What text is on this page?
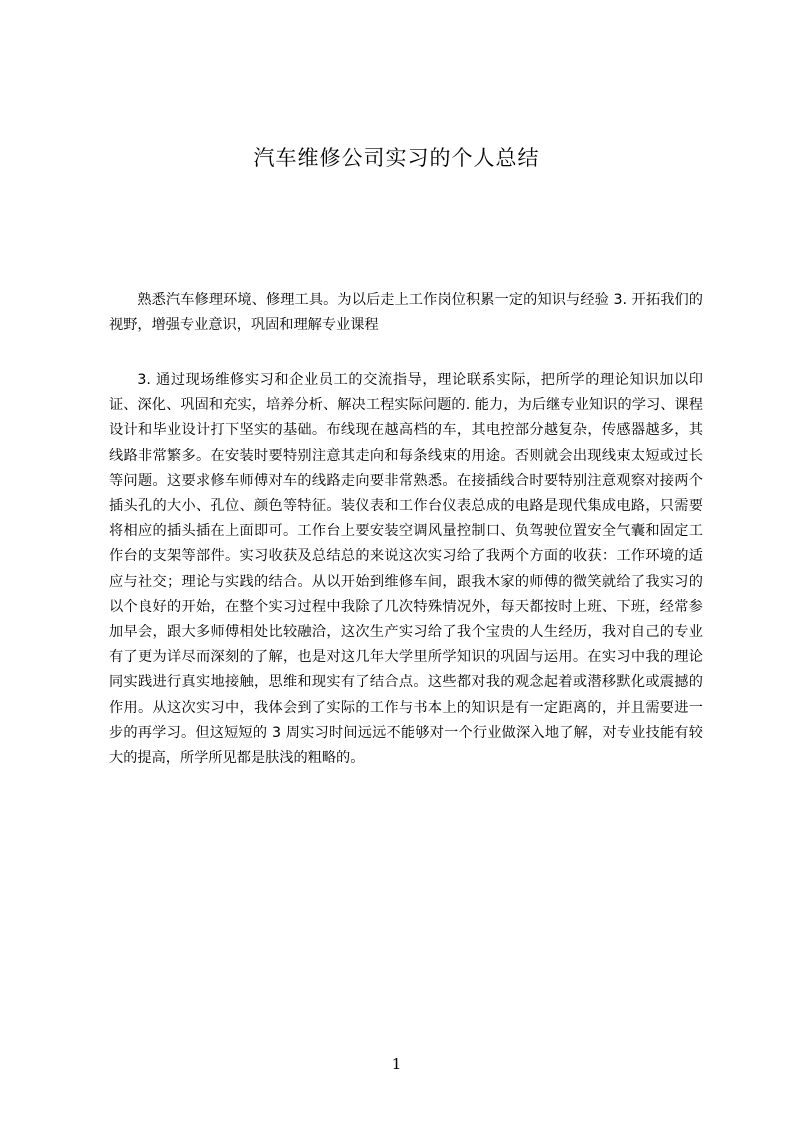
汽车维修公司实习的个人总结

熟悉汽车修理环境、修理工具。为以后走上工作岗位积累一定的知识与经验 3. 开拓我们的视野，增强专业意识，巩固和理解专业课程

3. 通过现场维修实习和企业员工的交流指导，理论联系实际，把所学的理论知识加以印证、深化、巩固和充实，培养分析、解决工程实际问题的. 能力，为后继专业知识的学习、课程设计和毕业设计打下坚实的基础。布线现在越高档的车，其电控部分越复杂，传感器越多，其线路非常繁多。在安装时要特别注意其走向和每条线束的用途。否则就会出现线束太短或过长等问题。这要求修车师傅对车的线路走向要非常熟悉。在接插线合时要特别注意观察对接两个插头孔的大小、孔位、颜色等特征。装仪表和工作台仪表总成的电路是现代集成电路，只需要将相应的插头插在上面即可。工作台上要安装空调风量控制口、负驾驶位置安全气囊和固定工作台的支架等部件。实习收获及总结总的来说这次实习给了我两个方面的收获：工作环境的适应与社交；理论与实践的结合。从以开始到维修车间，跟我木家的师傅的微笑就给了我实习的以个良好的开始，在整个实习过程中我除了几次特殊情况外，每天都按时上班、下班，经常参加早会，跟大多师傅相处比较融洽，这次生产实习给了我个宝贵的人生经历，我对自己的专业有了更为详尽而深刻的了解，也是对这几年大学里所学知识的巩固与运用。在实习中我的理论同实践进行真实地接触，思维和现实有了结合点。这些都对我的观念起着或潜移默化或震撼的作用。从这次实习中，我体会到了实际的工作与书本上的知识是有一定距离的，并且需要进一步的再学习。但这短短的 3 周实习时间远远不能够对一个行业做深入地了解，对专业技能有较大的提高，所学所见都是肤浅的粗略的。

1
